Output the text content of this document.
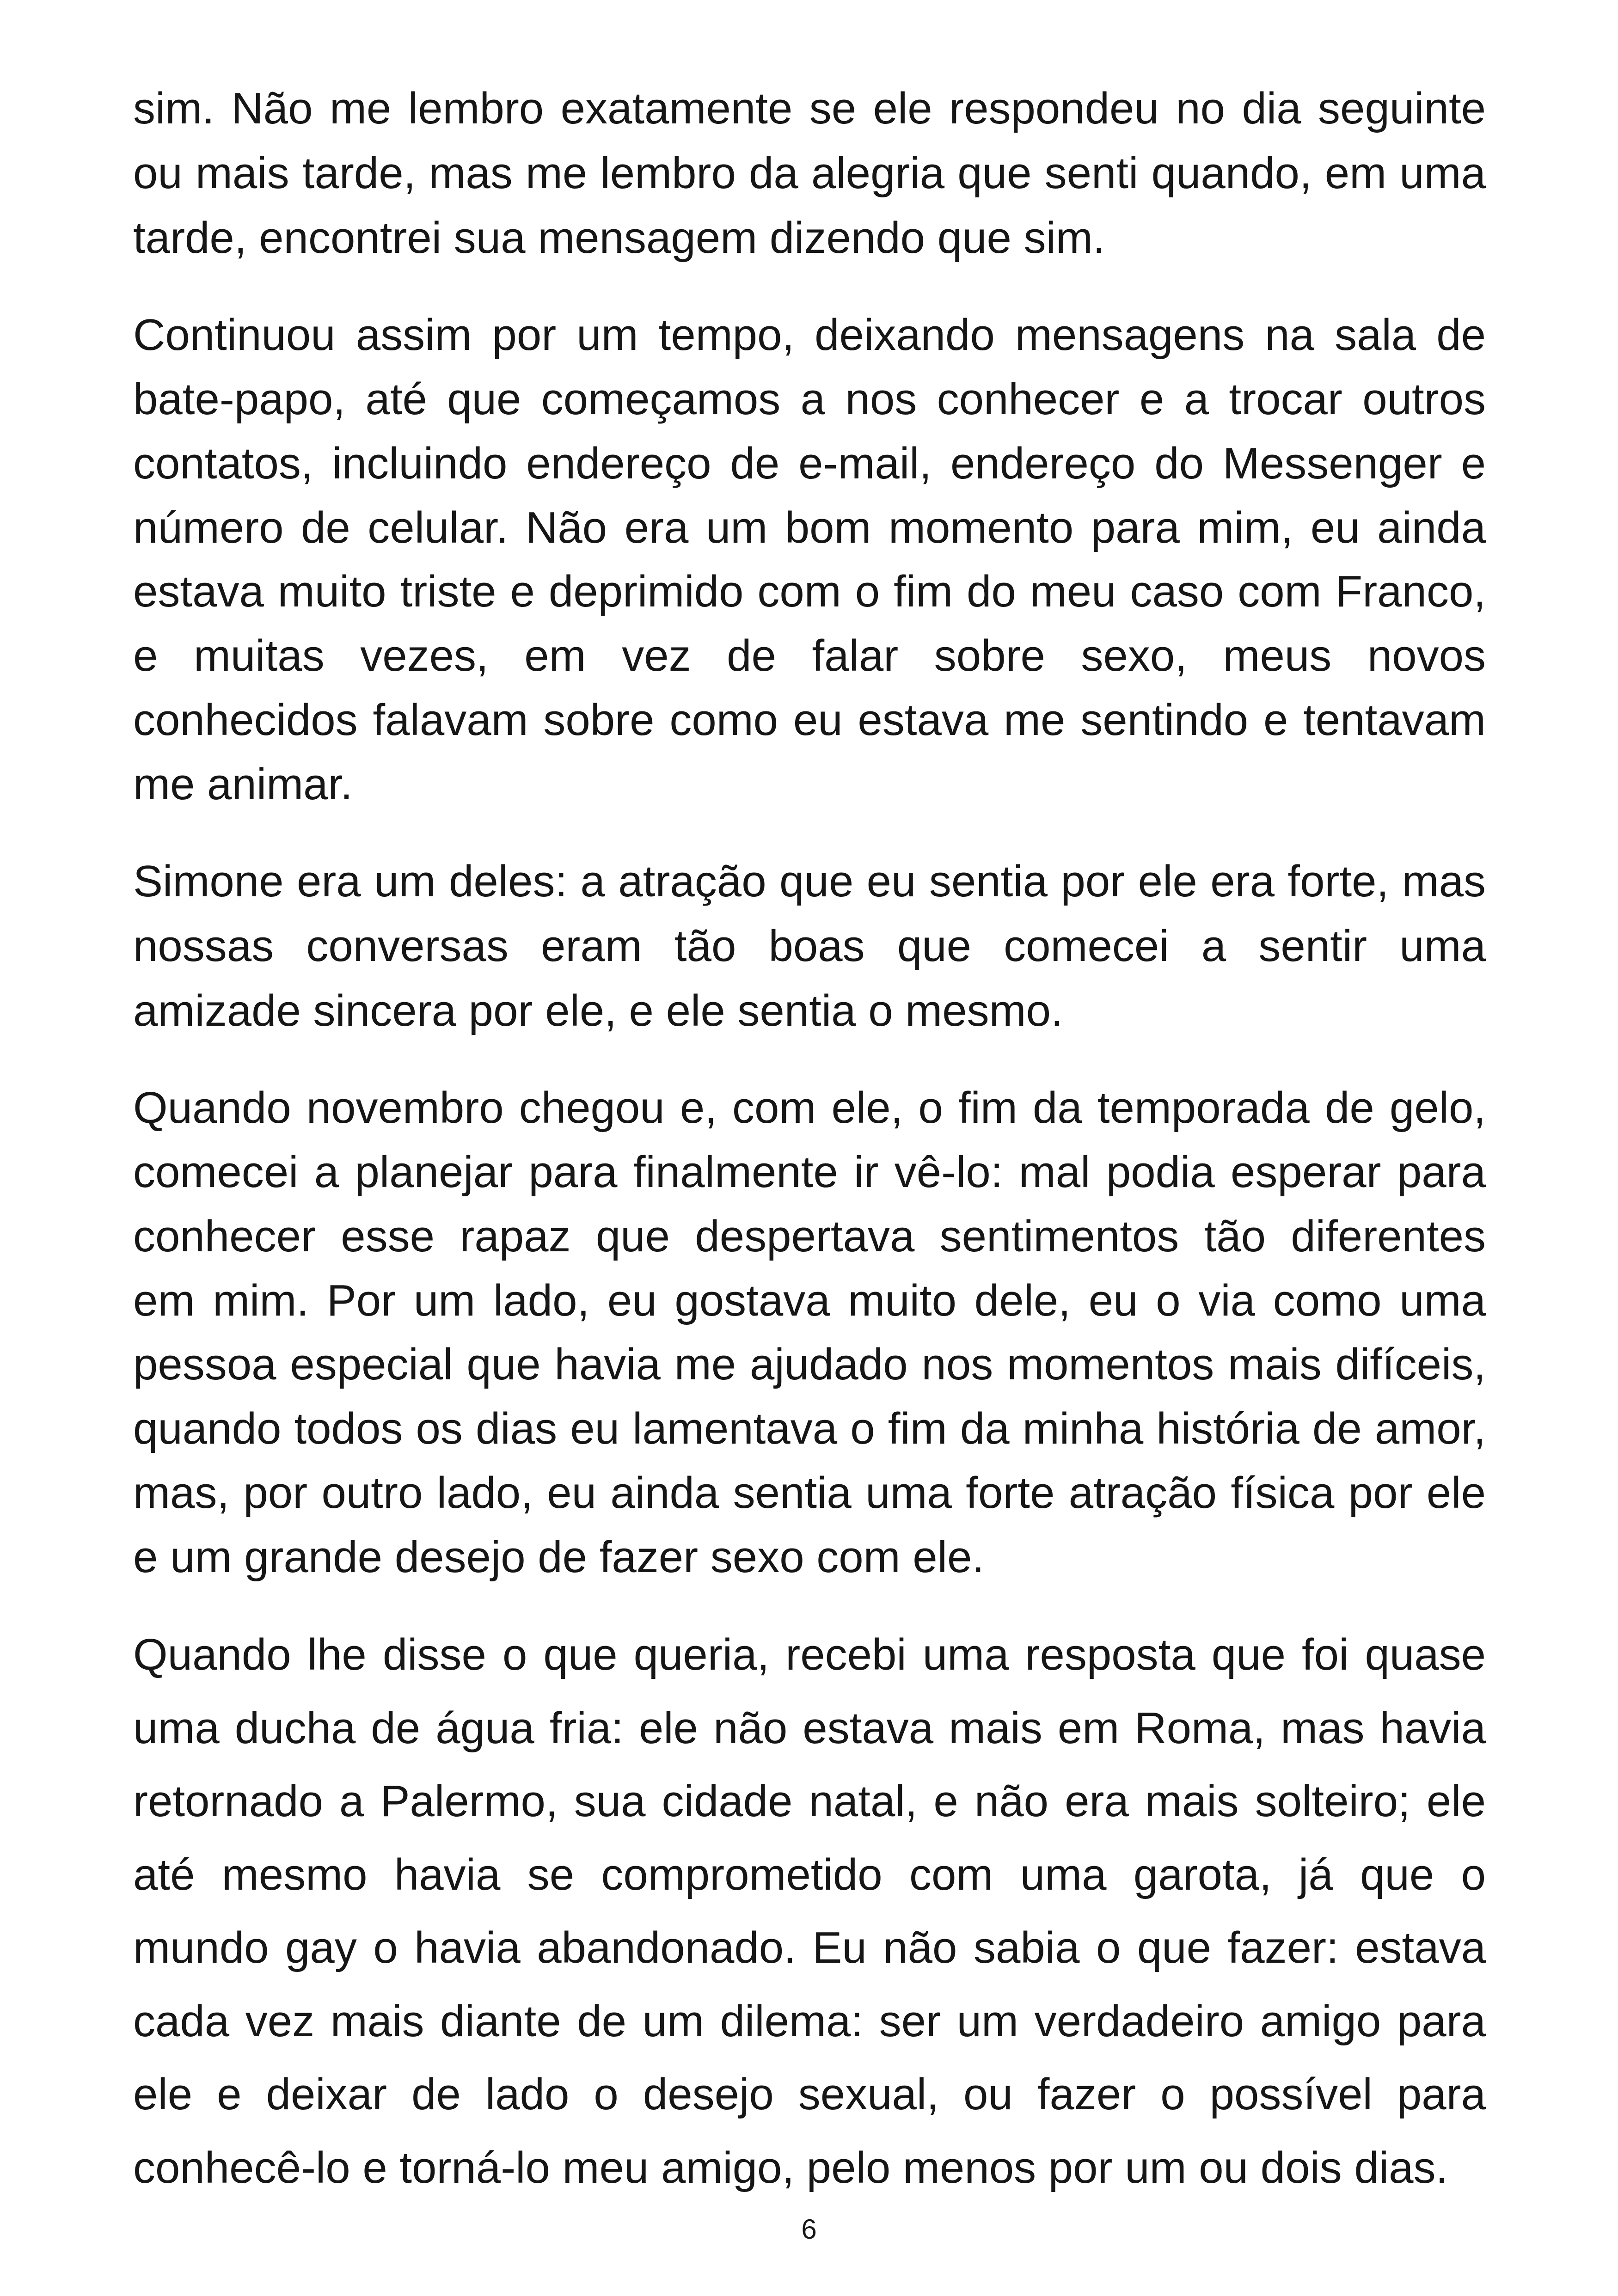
sim. Não me lembro exatamente se ele respondeu no dia seguinte
ou mais tarde, mas me lembro da alegria que senti quando, em uma
tarde, encontrei sua mensagem dizendo que sim.
Continuou assim por um tempo, deixando mensagens na sala de
bate-papo, até que começamos a nos conhecer e a trocar outros
contatos, incluindo endereço de e-mail, endereço do Messenger e
número de celular. Não era um bom momento para mim, eu ainda
estava muito triste e deprimido com o fim do meu caso com Franco,
e muitas vezes, em vez de falar sobre sexo, meus novos
conhecidos falavam sobre como eu estava me sentindo e tentavam
me animar.
Simone era um deles: a atração que eu sentia por ele era forte, mas
nossas conversas eram tão boas que comecei a sentir uma
amizade sincera por ele, e ele sentia o mesmo.
Quando novembro chegou e, com ele, o fim da temporada de gelo,
comecei a planejar para finalmente ir vê-lo: mal podia esperar para
conhecer esse rapaz que despertava sentimentos tão diferentes
em mim. Por um lado, eu gostava muito dele, eu o via como uma
pessoa especial que havia me ajudado nos momentos mais difíceis,
quando todos os dias eu lamentava o fim da minha história de amor,
mas, por outro lado, eu ainda sentia uma forte atração física por ele
e um grande desejo de fazer sexo com ele.
Quando lhe disse o que queria, recebi uma resposta que foi quase
uma ducha de água fria: ele não estava mais em Roma, mas havia
retornado a Palermo, sua cidade natal, e não era mais solteiro; ele
até mesmo havia se comprometido com uma garota, já que o
mundo gay o havia abandonado. Eu não sabia o que fazer: estava
cada vez mais diante de um dilema: ser um verdadeiro amigo para
ele e deixar de lado o desejo sexual, ou fazer o possível para
conhecê-lo e torná-lo meu amigo, pelo menos por um ou dois dias.
6
